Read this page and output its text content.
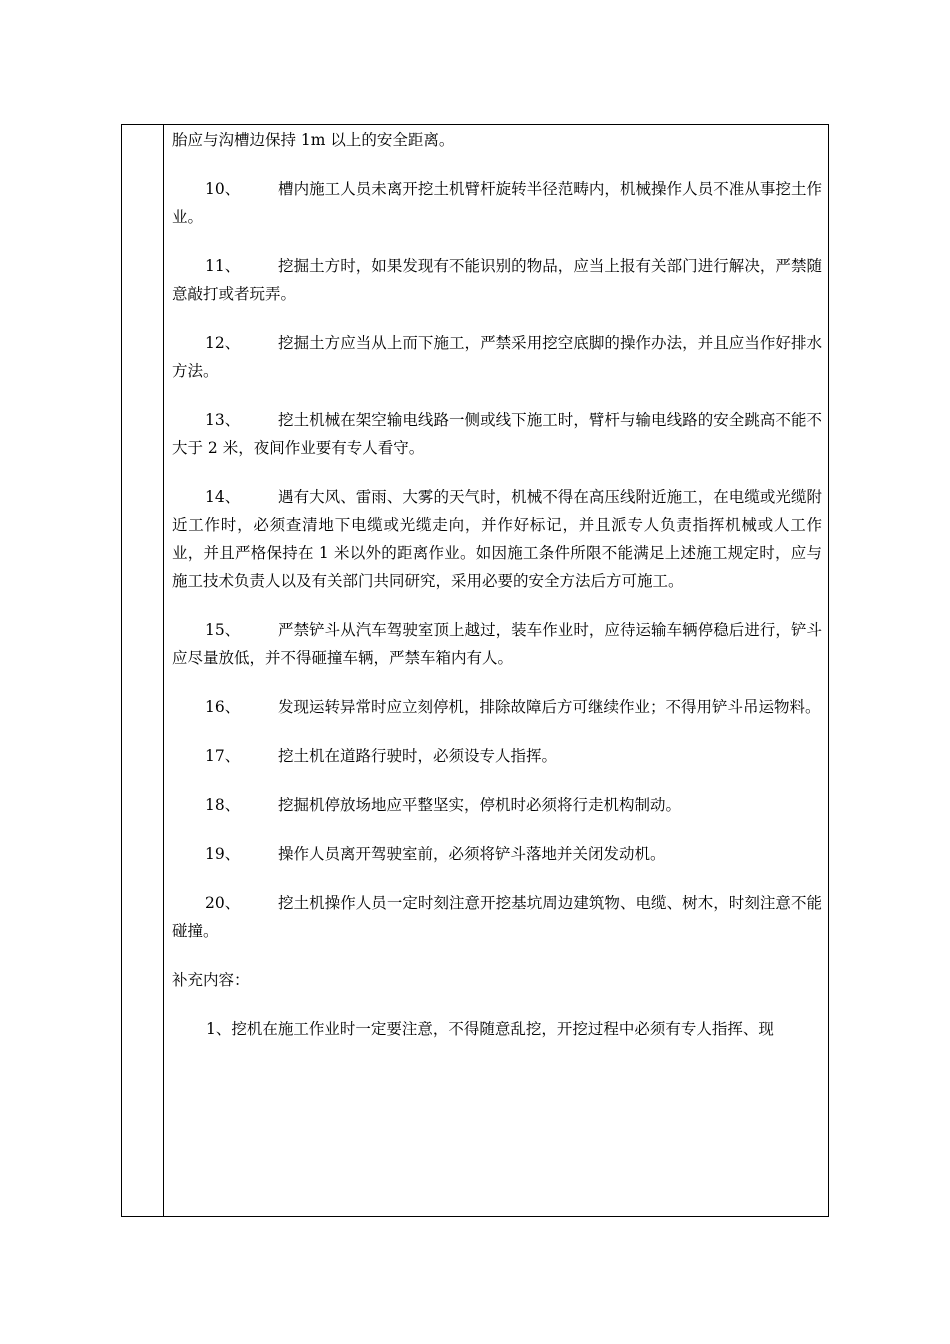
胎应与沟槽边保持 1m 以上的安全距离。

10、 槽内施工人员未离开挖土机臂杆旋转半径范畴内，机械操作人员不准从事挖土作业。

11、 挖掘土方时，如果发现有不能识别的物品，应当上报有关部门进行解决，严禁随意敲打或者玩弄。

12、 挖掘土方应当从上而下施工，严禁采用挖空底脚的操作办法，并且应当作好排水方法。

13、 挖土机械在架空输电线路一侧或线下施工时，臂杆与输电线路的安全跳高不能不大于 2 米，夜间作业要有专人看守。

14、 遇有大风、雷雨、大雾的天气时，机械不得在高压线附近施工，在电缆或光缆附近工作时，必须查清地下电缆或光缆走向，并作好标记，并且派专人负责指挥机械或人工作业，并且严格保持在 1 米以外的距离作业。如因施工条件所限不能满足上述施工规定时，应与施工技术负责人以及有关部门共同研究，采用必要的安全方法后方可施工。

15、 严禁铲斗从汽车驾驶室顶上越过，装车作业时，应待运输车辆停稳后进行，铲斗应尽量放低，并不得砸撞车辆，严禁车箱内有人。

16、 发现运转异常时应立刻停机，排除故障后方可继续作业；不得用铲斗吊运物料。

17、 挖土机在道路行驶时，必须设专人指挥。

18、 挖掘机停放场地应平整坚实，停机时必须将行走机构制动。

19、 操作人员离开驾驶室前，必须将铲斗落地并关闭发动机。

20、 挖土机操作人员一定时刻注意开挖基坑周边建筑物、电缆、树木，时刻注意不能碰撞。

补充内容：

1、挖机在施工作业时一定要注意，不得随意乱挖，开挖过程中必须有专人指挥、现
